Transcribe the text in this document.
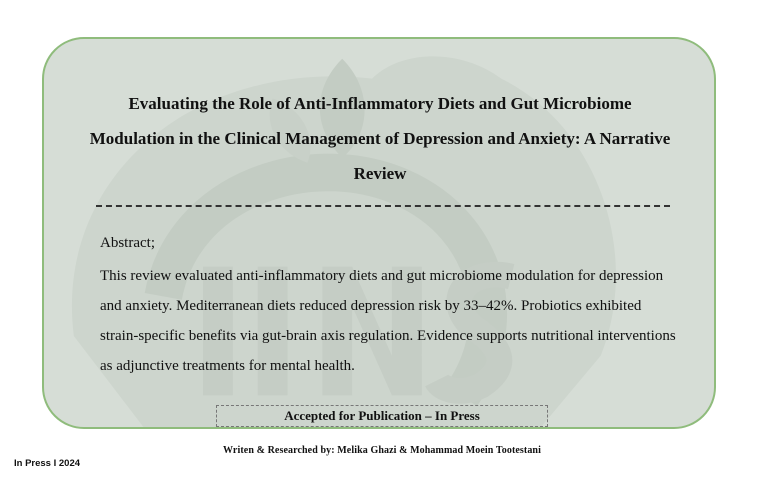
Evaluating the Role of Anti-Inflammatory Diets and Gut Microbiome Modulation in the Clinical Management of Depression and Anxiety: A Narrative Review

Abstract;

This review evaluated anti-inflammatory diets and gut microbiome modulation for depression and anxiety. Mediterranean diets reduced depression risk by 33–42%. Probiotics exhibited strain-specific benefits via gut-brain axis regulation. Evidence supports nutritional interventions as adjunctive treatments for mental health.

Accepted for Publication – In Press
Writen & Researched by: Melika Ghazi & Mohammad Moein Tootestani
In Press I 2024
